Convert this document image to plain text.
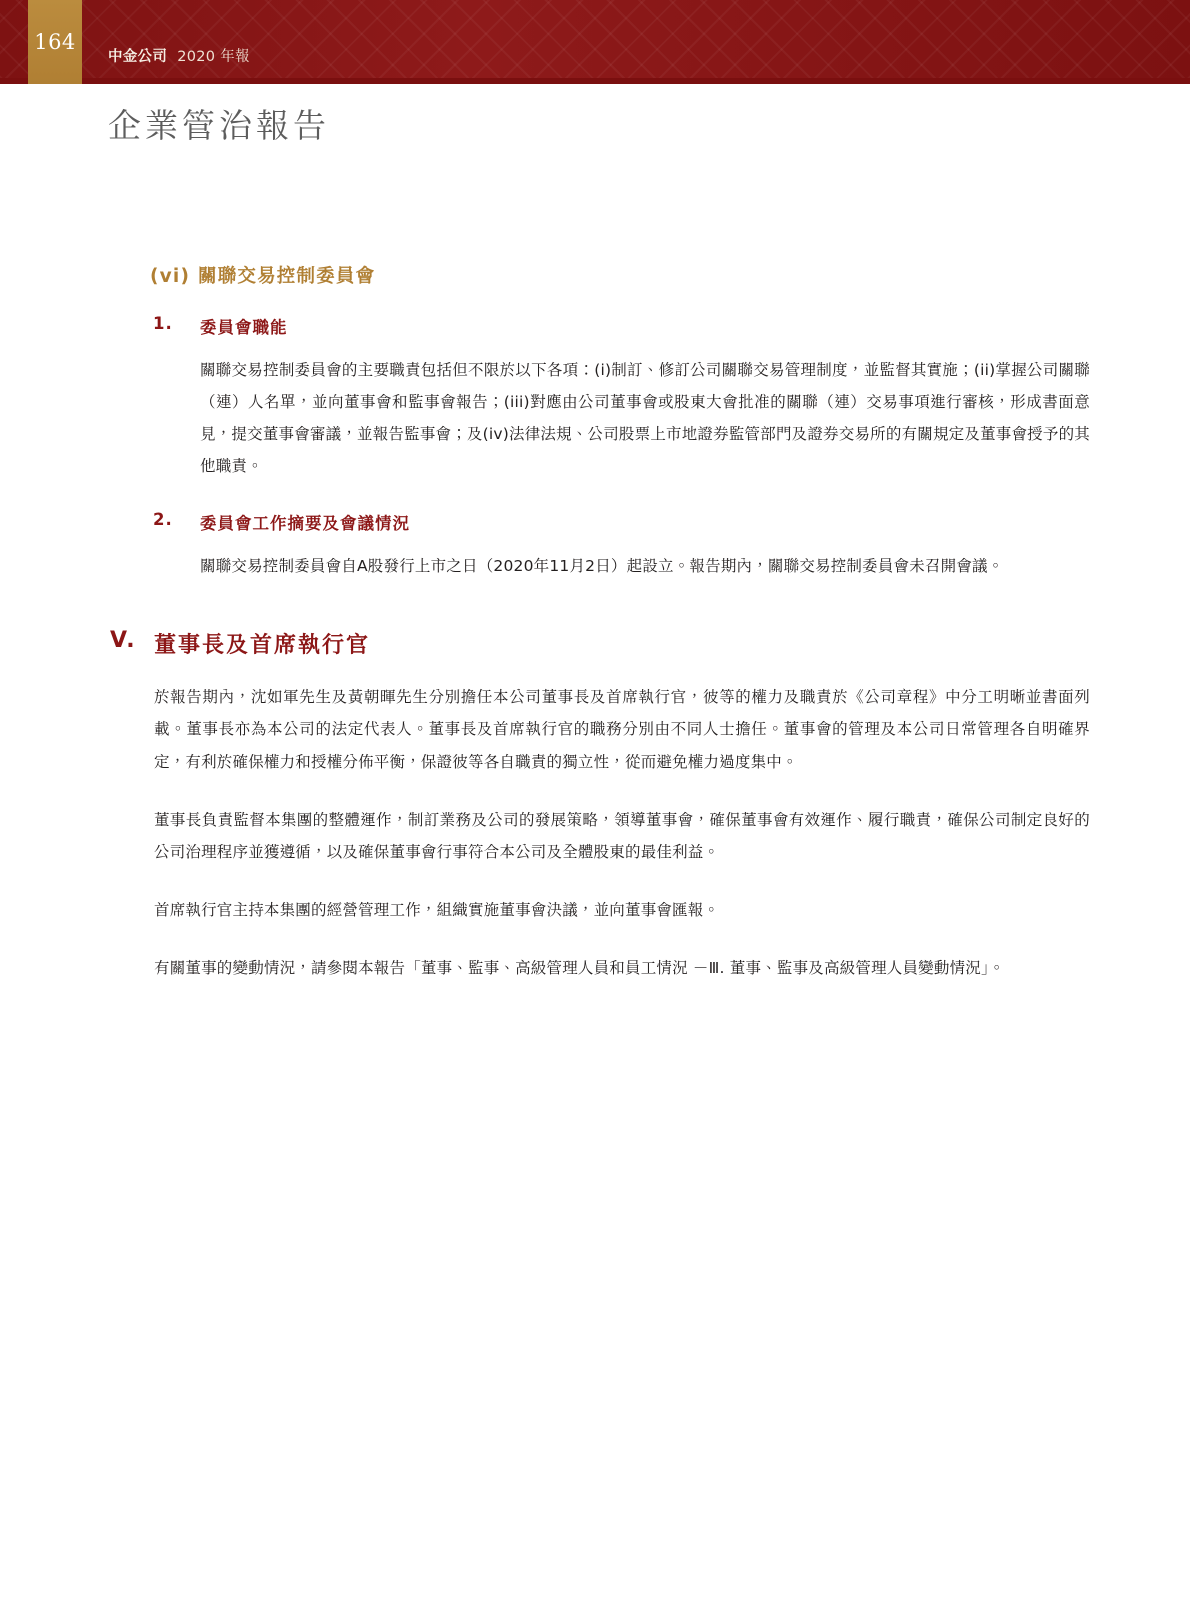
164
中金公司 2020 年報
企業管治報告
(vi) 關聯交易控制委員會
1.	委員會職能
關聯交易控制委員會的主要職責包括但不限於以下各項：(i)制訂、修訂公司關聯交易管理制度，並監督其實施；(ii)掌握公司關聯（連）人名單，並向董事會和監事會報告；(iii)對應由公司董事會或股東大會批准的關聯（連）交易事項進行審核，形成書面意見，提交董事會審議，並報告監事會；及(iv)法律法規、公司股票上市地證券監管部門及證券交易所的有關規定及董事會授予的其他職責。
2.	委員會工作摘要及會議情況
關聯交易控制委員會自A股發行上市之日（2020年11月2日）起設立。報告期內，關聯交易控制委員會未召開會議。
V. 董事長及首席執行官
於報告期內，沈如軍先生及黃朝暉先生分別擔任本公司董事長及首席執行官，彼等的權力及職責於《公司章程》中分工明晰並書面列載。董事長亦為本公司的法定代表人。董事長及首席執行官的職務分別由不同人士擔任。董事會的管理及本公司日常管理各自明確界定，有利於確保權力和授權分佈平衡，保證彼等各自職責的獨立性，從而避免權力過度集中。
董事長負責監督本集團的整體運作，制訂業務及公司的發展策略，領導董事會，確保董事會有效運作、履行職責，確保公司制定良好的公司治理程序並獲遵循，以及確保董事會行事符合本公司及全體股東的最佳利益。
首席執行官主持本集團的經營管理工作，組織實施董事會決議，並向董事會匯報。
有關董事的變動情況，請參閱本報告「董事、監事、高級管理人員和員工情況 －Ⅲ. 董事、監事及高級管理人員變動情況」。
